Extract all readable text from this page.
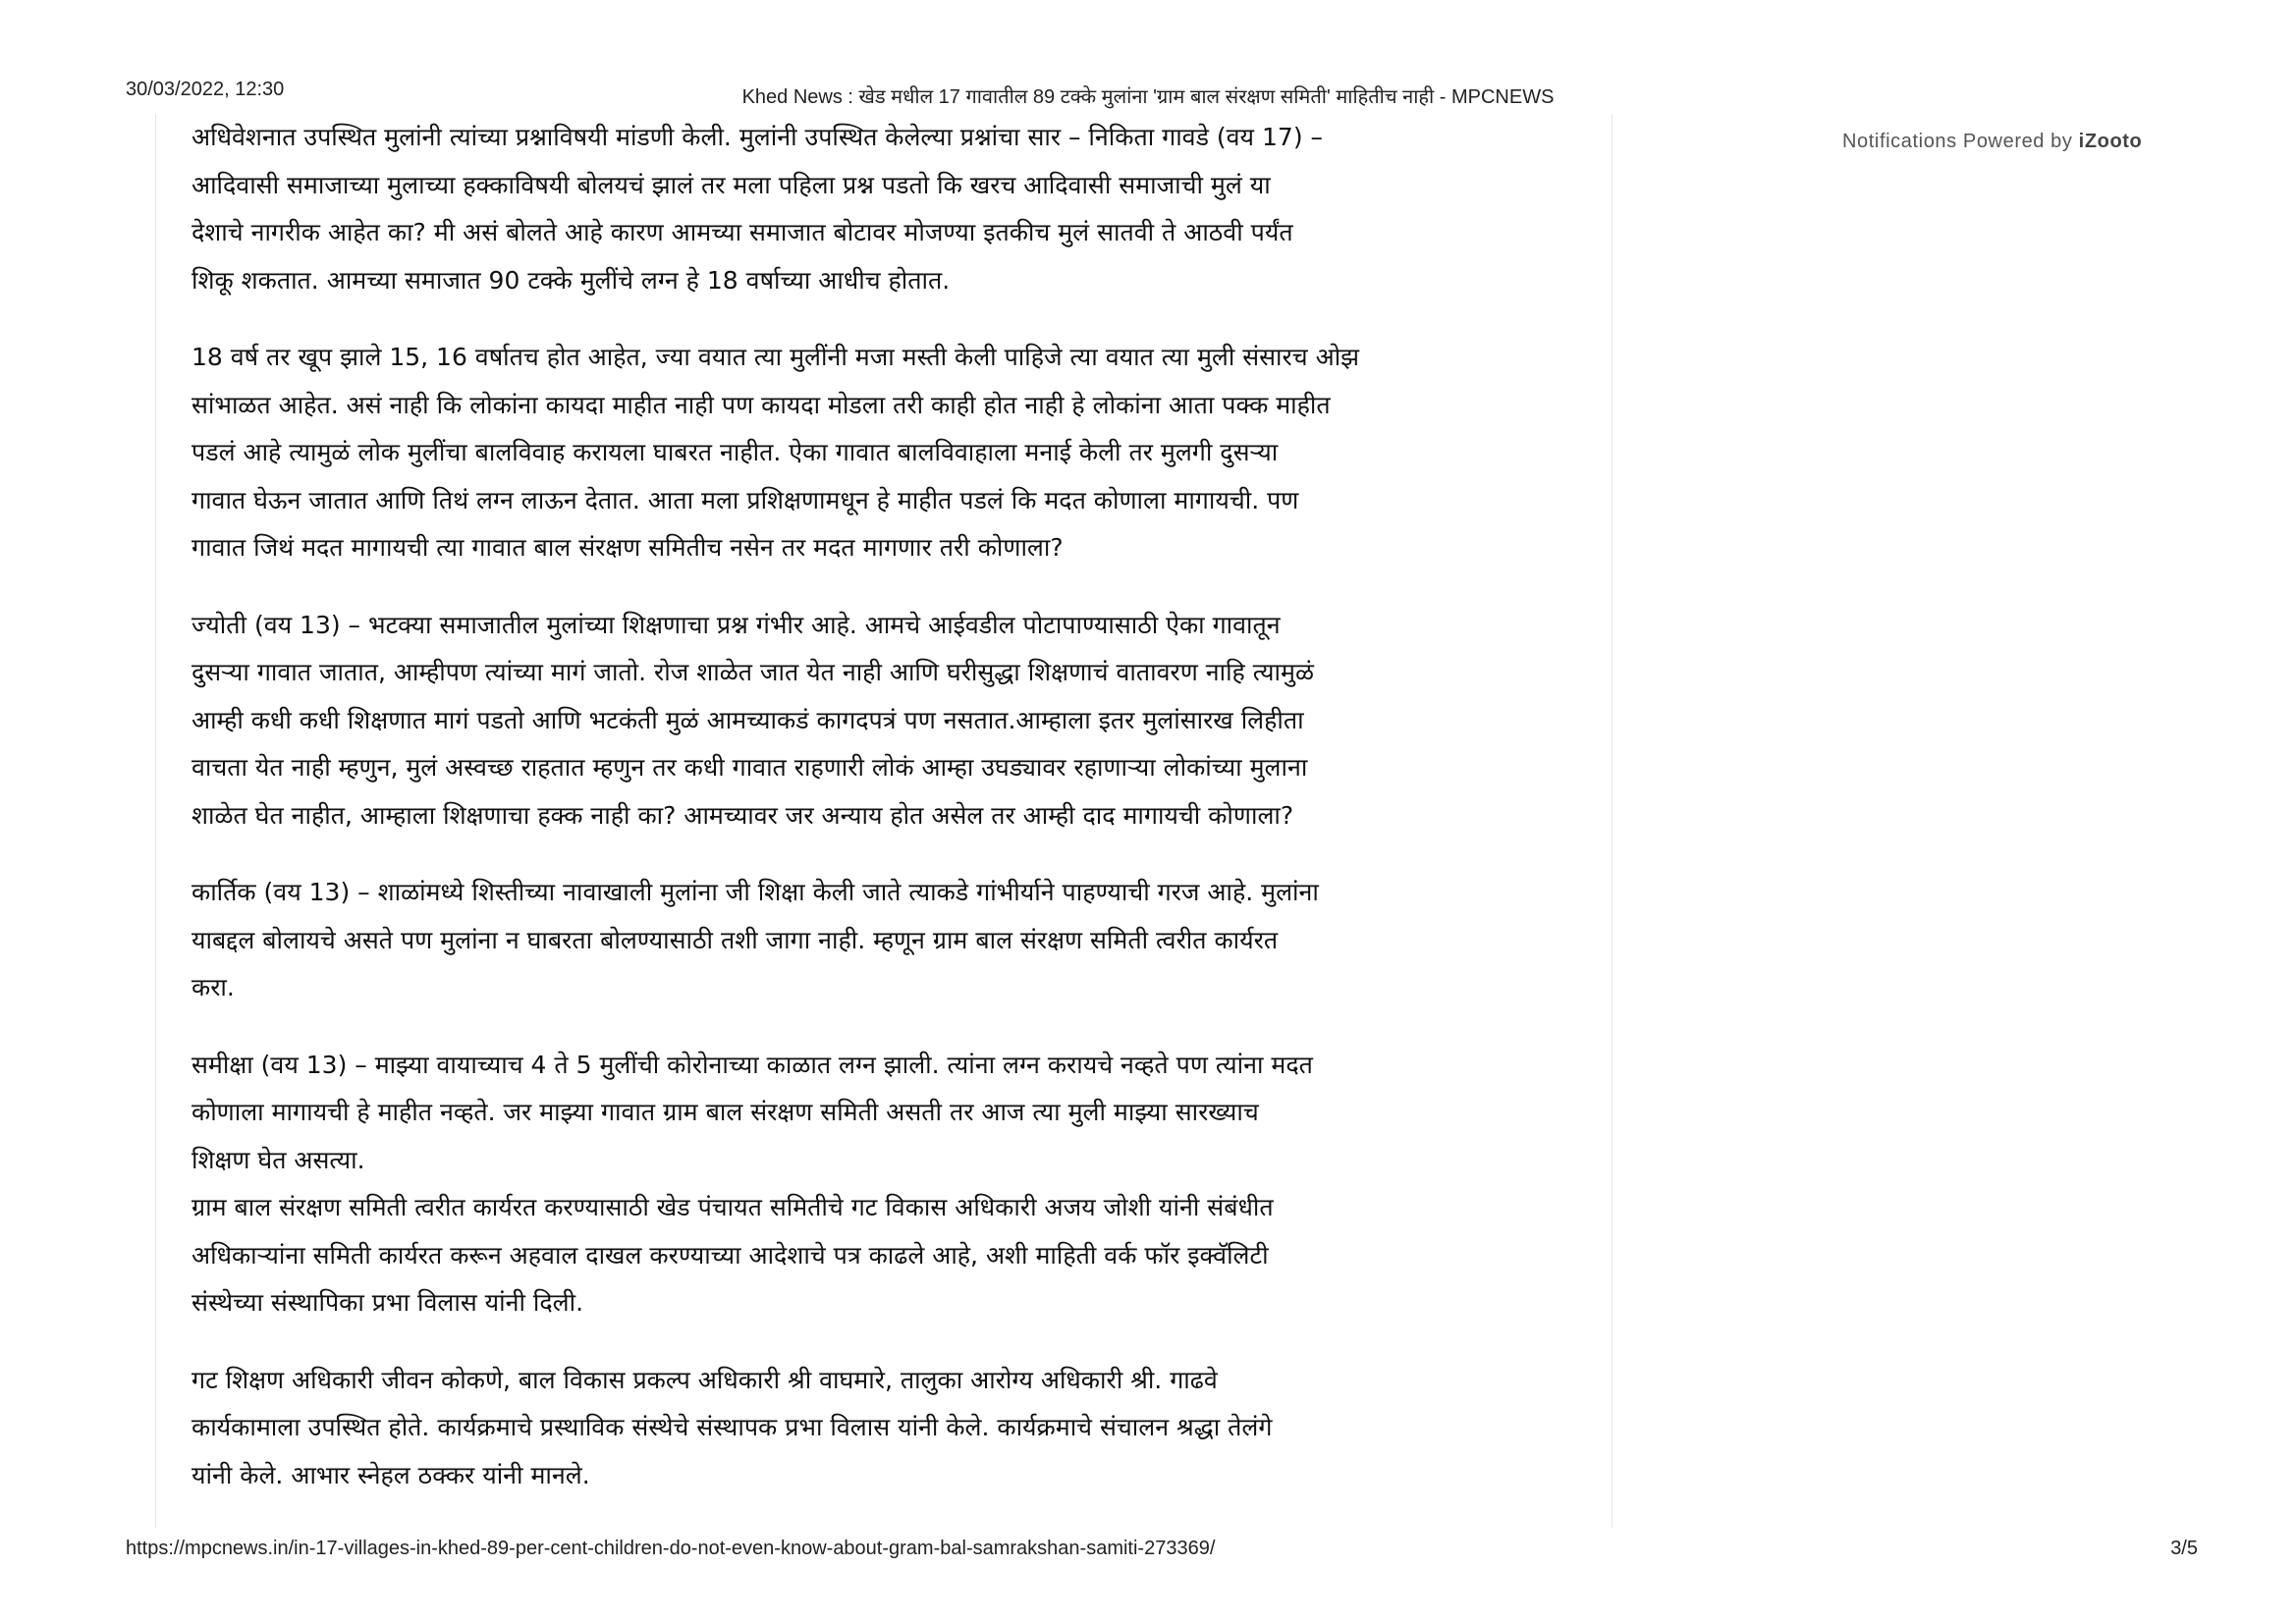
30/03/2022, 12:30	Khed News : खेड मधील 17 गावातील 89 टक्के मुलांना 'ग्राम बाल संरक्षण समिती' माहितीच नाही - MPCNEWS

अधिवेशनात उपस्थित मुलांनी त्यांच्या प्रश्नाविषयी मांडणी केली. मुलांनी उपस्थित केलेल्या प्रश्नांचा सार – निकिता गावडे (वय 17) –
आदिवासी समाजाच्या मुलाच्या हक्काविषयी बोलयचं झालं तर मला पहिला प्रश्न पडतो कि खरच आदिवासी समाजाची मुलं या
देशाचे नागरीक आहेत का? मी असं बोलते आहे कारण आमच्या समाजात बोटावर मोजण्या इतकीच मुलं सातवी ते आठवी पर्यंत
शिकू शकतात. आमच्या समाजात 90 टक्के मुलींचे लग्न हे 18 वर्षाच्या आधीच होतात.

18 वर्ष तर खूप झाले 15, 16 वर्षातच होत आहेत, ज्या वयात त्या मुलींनी मजा मस्ती केली पाहिजे त्या वयात त्या मुली संसारच ओझ
सांभाळत आहेत. असं नाही कि लोकांना कायदा माहीत नाही पण कायदा मोडला तरी काही होत नाही हे लोकांना आता पक्क माहीत
पडलं आहे त्यामुळं लोक मुलींचा बालविवाह करायला घाबरत नाहीत. ऐका गावात बालविवाहाला मनाई केली तर मुलगी दुसऱ्या
गावात घेऊन जातात आणि तिथं लग्न लाऊन देतात. आता मला प्रशिक्षणामधून हे माहीत पडलं कि मदत कोणाला मागायची. पण
गावात जिथं मदत मागायची त्या गावात बाल संरक्षण समितीच नसेन तर मदत मागणार तरी कोणाला?

ज्योती (वय 13) – भटक्या समाजातील मुलांच्या शिक्षणाचा प्रश्न गंभीर आहे. आमचे आईवडील पोटापाण्यासाठी ऐका गावातून
दुसऱ्या गावात जातात, आम्हीपण त्यांच्या मागं जातो. रोज शाळेत जात येत नाही आणि घरीसुद्धा शिक्षणाचं वातावरण नाहि त्यामुळं
आम्ही कधी कधी शिक्षणात मागं पडतो आणि भटकंती मुळं आमच्याकडं कागदपत्रं पण नसतात.आम्हाला इतर मुलांसारख लिहीता
वाचता येत नाही म्हणुन, मुलं अस्वच्छ राहतात म्हणुन तर कधी गावात राहणारी लोकं आम्हा उघड्यावर रहाणाऱ्या लोकांच्या मुलाना
शाळेत घेत नाहीत, आम्हाला शिक्षणाचा हक्क नाही का? आमच्यावर जर अन्याय होत असेल तर आम्ही दाद मागायची कोणाला?

कार्तिक (वय 13) – शाळांमध्ये शिस्तीच्या नावाखाली मुलांना जी शिक्षा केली जाते त्याकडे गांभीर्याने पाहण्याची गरज आहे. मुलांना
याबद्दल बोलायचे असते पण मुलांना न घाबरता बोलण्यासाठी तशी जागा नाही. म्हणून ग्राम बाल संरक्षण समिती त्वरीत कार्यरत
करा.

समीक्षा (वय 13) – माझ्या वायाच्याच 4 ते 5 मुलींची कोरोनाच्या काळात लग्न झाली. त्यांना लग्न करायचे नव्हते पण त्यांना मदत
कोणाला मागायची हे माहीत नव्हते. जर माझ्या गावात ग्राम बाल संरक्षण समिती असती तर आज त्या मुली माझ्या सारख्याच
शिक्षण घेत असत्या.

ग्राम बाल संरक्षण समिती त्वरीत कार्यरत करण्यासाठी खेड पंचायत समितीचे गट विकास अधिकारी अजय जोशी यांनी संबंधीत
अधिकाऱ्यांना समिती कार्यरत करून अहवाल दाखल करण्याच्या आदेशाचे पत्र काढले आहे, अशी माहिती वर्क फॉर इक्वॅलिटी
संस्थेच्या संस्थापिका प्रभा विलास यांनी दिली.

गट शिक्षण अधिकारी जीवन कोकणे, बाल विकास प्रकल्प अधिकारी श्री वाघमारे, तालुका आरोग्य अधिकारी श्री. गाढवे
कार्यकामाला उपस्थित होते. कार्यक्रमाचे प्रस्थाविक संस्थेचे संस्थापक प्रभा विलास यांनी केले. कार्यक्रमाचे संचालन श्रद्धा तेलंगे
यांनी केले. आभार स्नेहल ठक्कर यांनी मानले.

Notifications Powered by iZooto
https://mpcnews.in/in-17-villages-in-khed-89-per-cent-children-do-not-even-know-about-gram-bal-samrakshan-samiti-273369/	3/5
